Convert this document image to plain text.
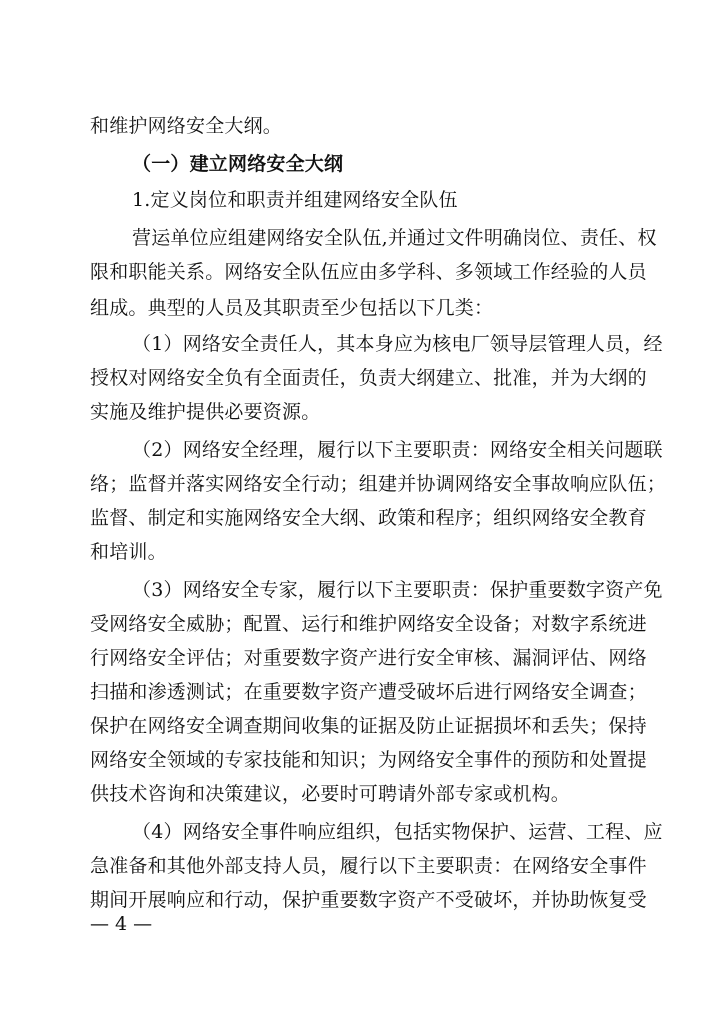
和维护网络安全大纲。
（一）建立网络安全大纲
1.定义岗位和职责并组建网络安全队伍
营运单位应组建网络安全队伍,并通过文件明确岗位、责任、权
限和职能关系。网络安全队伍应由多学科、多领域工作经验的人员
组成。典型的人员及其职责至少包括以下几类：
（1）网络安全责任人，其本身应为核电厂领导层管理人员，经
授权对网络安全负有全面责任，负责大纲建立、批准，并为大纲的
实施及维护提供必要资源。
（2）网络安全经理，履行以下主要职责：网络安全相关问题联
络；监督并落实网络安全行动；组建并协调网络安全事故响应队伍；
监督、制定和实施网络安全大纲、政策和程序；组织网络安全教育
和培训。
（3）网络安全专家，履行以下主要职责：保护重要数字资产免
受网络安全威胁；配置、运行和维护网络安全设备；对数字系统进
行网络安全评估；对重要数字资产进行安全审核、漏洞评估、网络
扫描和渗透测试；在重要数字资产遭受破坏后进行网络安全调查；
保护在网络安全调查期间收集的证据及防止证据损坏和丢失；保持
网络安全领域的专家技能和知识；为网络安全事件的预防和处置提
供技术咨询和决策建议，必要时可聘请外部专家或机构。
（4）网络安全事件响应组织，包括实物保护、运营、工程、应
急准备和其他外部支持人员，履行以下主要职责：在网络安全事件
期间开展响应和行动，保护重要数字资产不受破坏，并协助恢复受
— 4 —
